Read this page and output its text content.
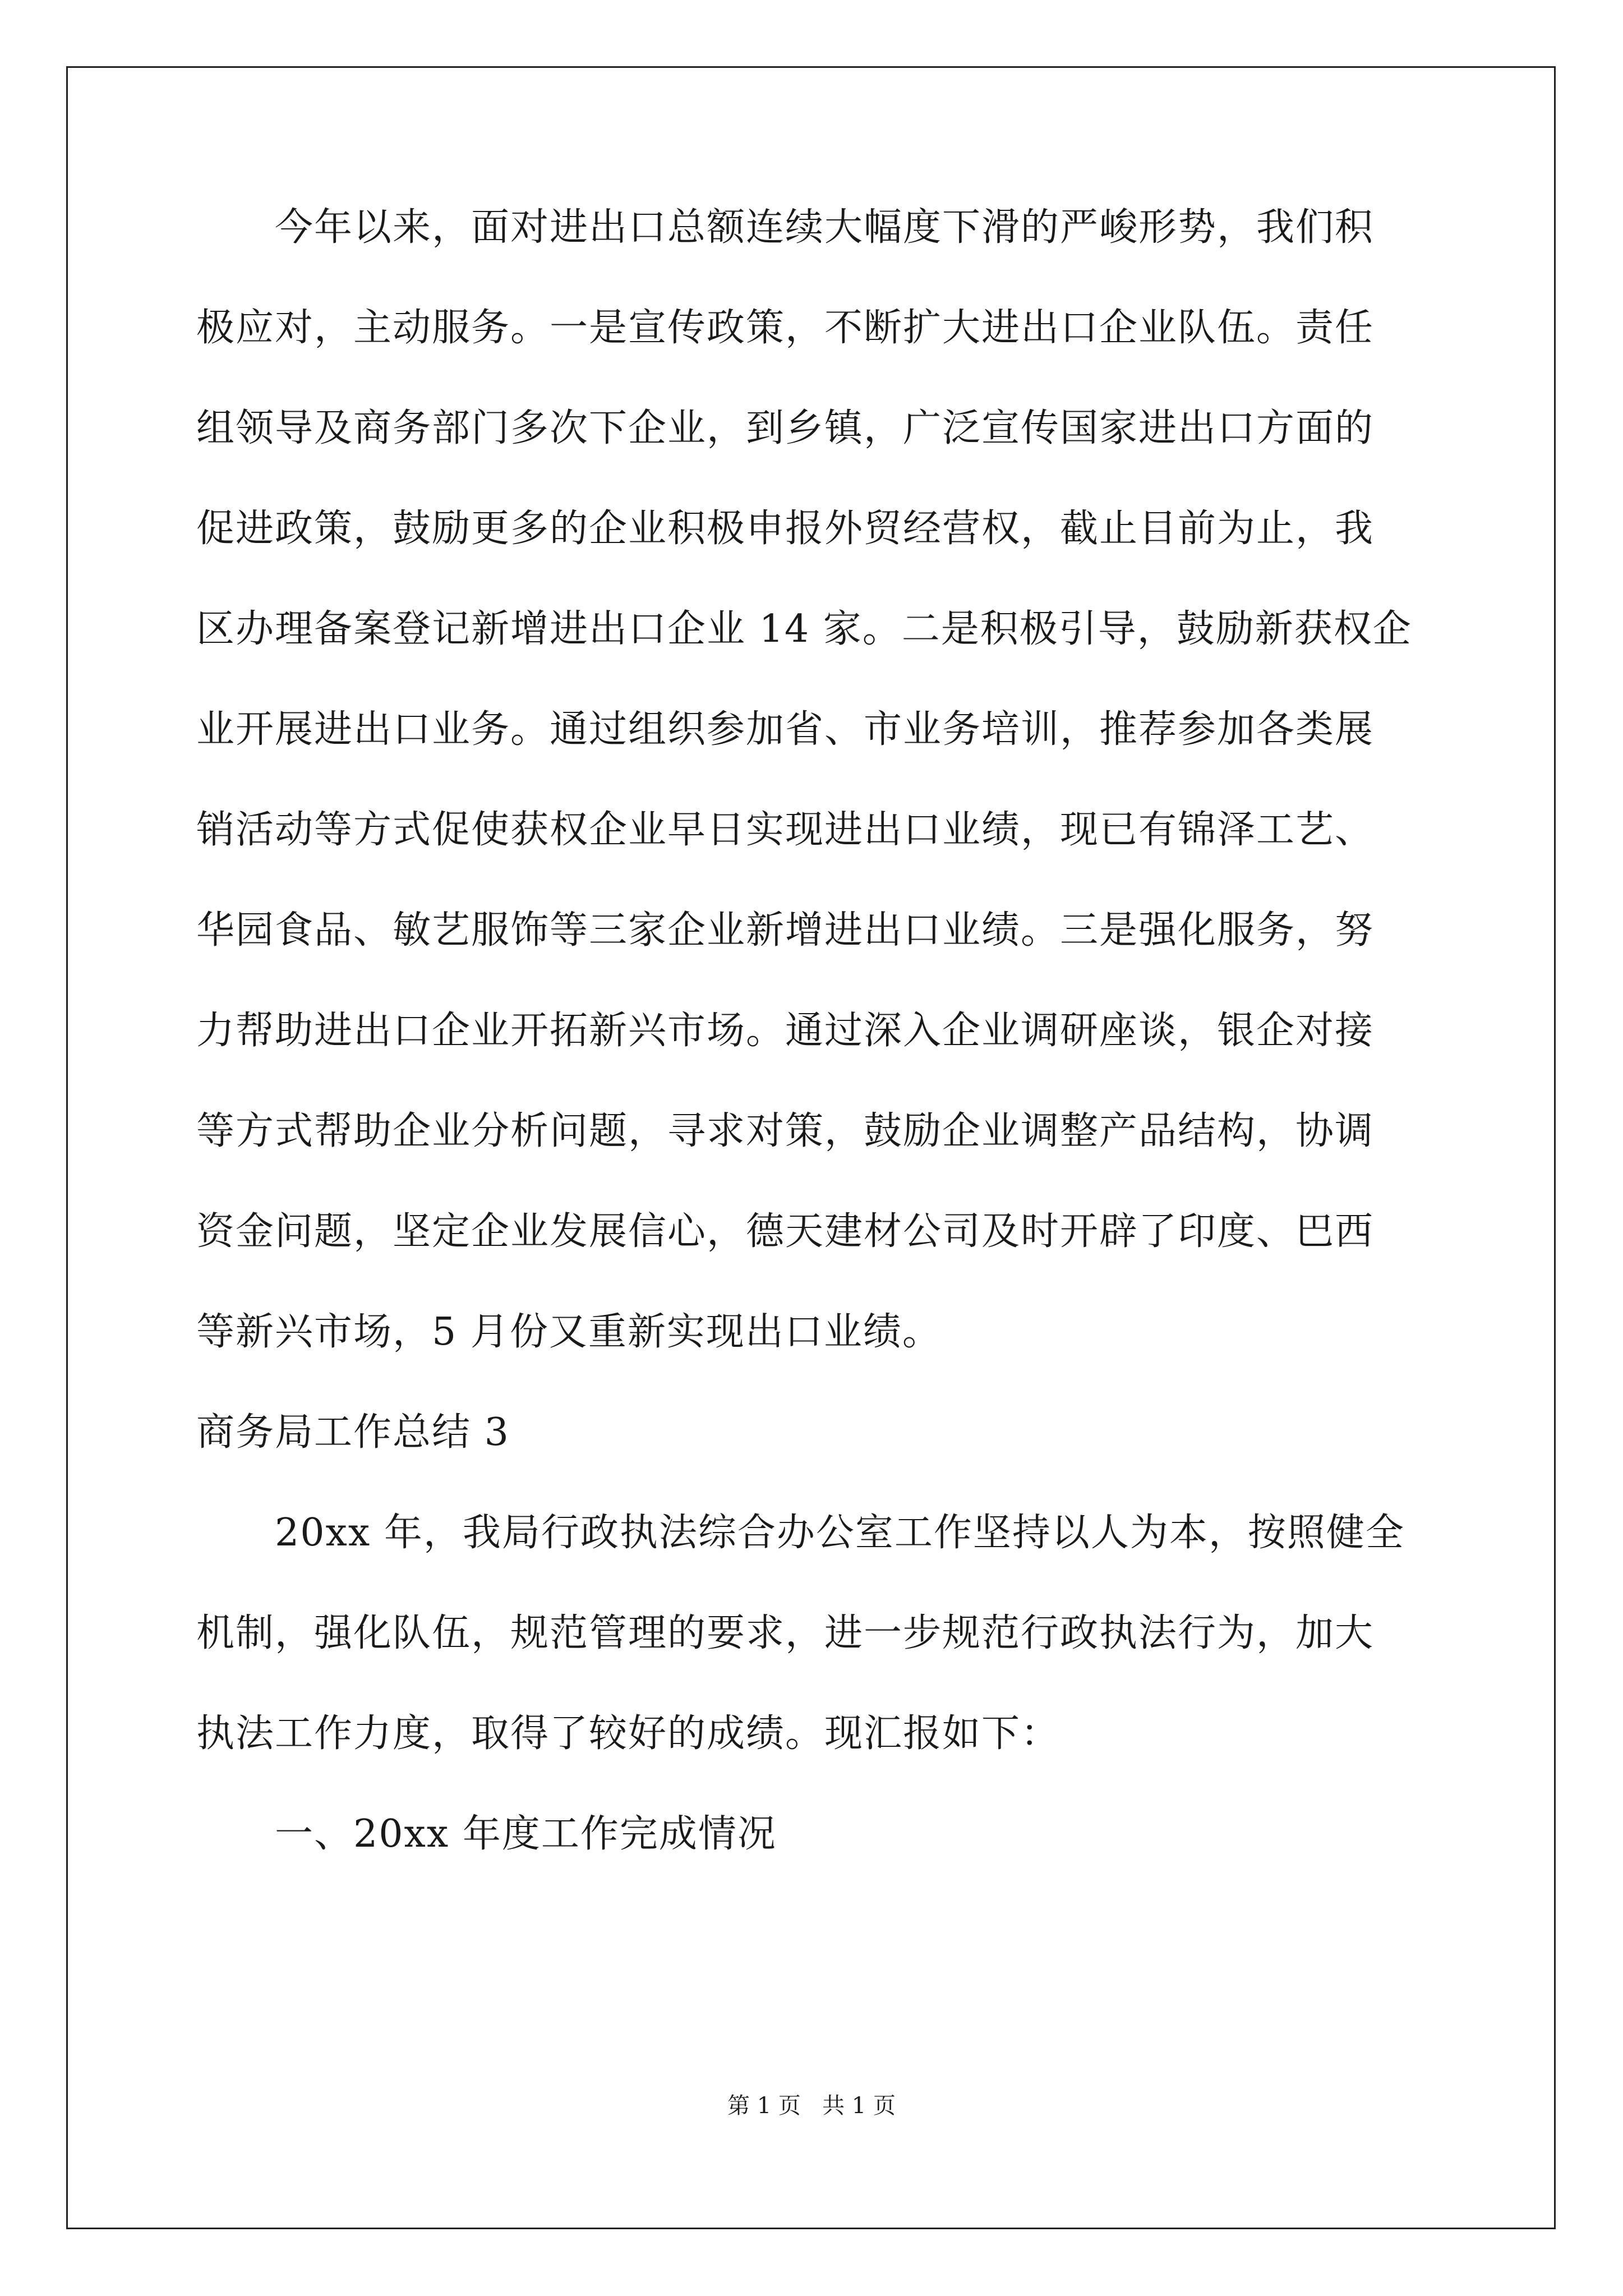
今年以来，面对进出口总额连续大幅度下滑的严峻形势，我们积
极应对，主动服务。一是宣传政策，不断扩大进出口企业队伍。责任
组领导及商务部门多次下企业，到乡镇，广泛宣传国家进出口方面的
促进政策，鼓励更多的企业积极申报外贸经营权，截止目前为止，我
区办理备案登记新增进出口企业 14 家。二是积极引导，鼓励新获权企
业开展进出口业务。通过组织参加省、市业务培训，推荐参加各类展
销活动等方式促使获权企业早日实现进出口业绩，现已有锦泽工艺、
华园食品、敏艺服饰等三家企业新增进出口业绩。三是强化服务，努
力帮助进出口企业开拓新兴市场。通过深入企业调研座谈，银企对接
等方式帮助企业分析问题，寻求对策，鼓励企业调整产品结构，协调
资金问题，坚定企业发展信心，德天建材公司及时开辟了印度、巴西
等新兴市场，5 月份又重新实现出口业绩。
商务局工作总结 3
20xx 年，我局行政执法综合办公室工作坚持以人为本，按照健全
机制，强化队伍，规范管理的要求，进一步规范行政执法行为，加大
执法工作力度，取得了较好的成绩。现汇报如下：
一、20xx 年度工作完成情况
第 1 页   共 1 页
